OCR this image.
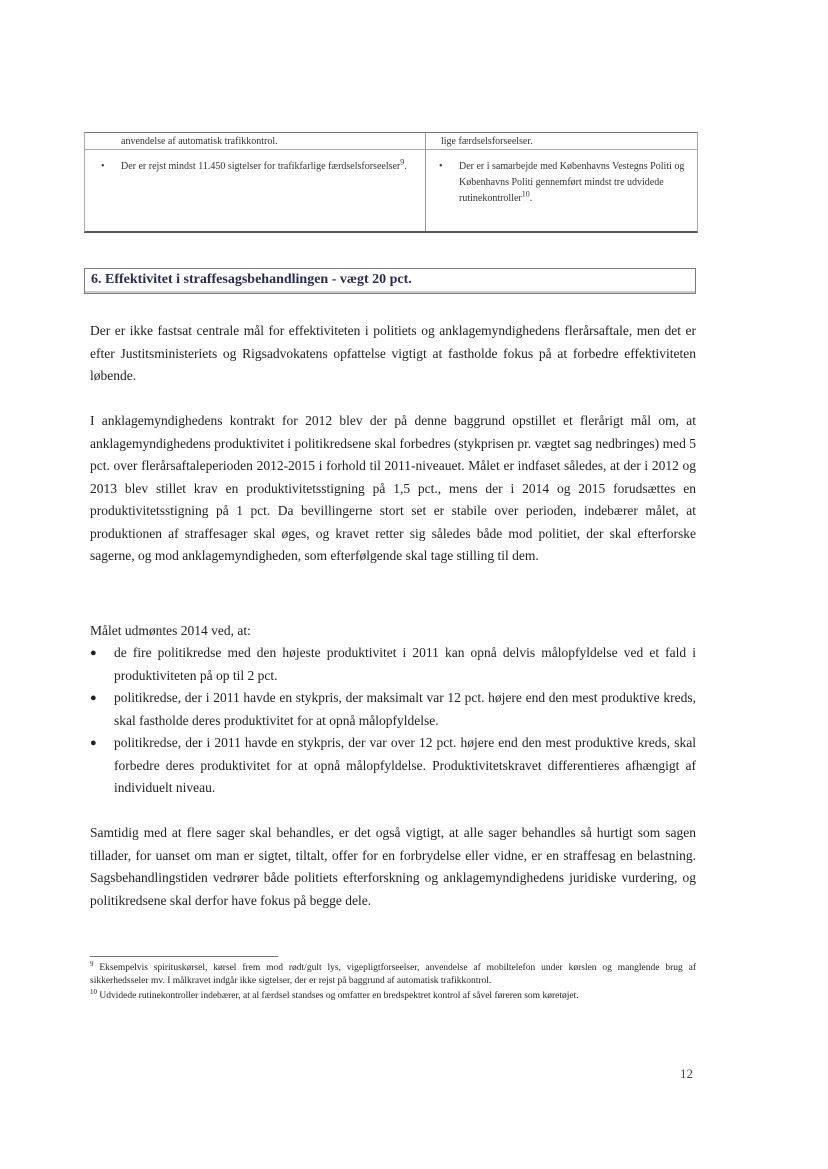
anvendelse af automatisk trafikkontrol.	lige færdselsforseelser.
• Der er rejst mindst 11.450 sigtelser for trafikfarlige færdselsforseelser$^9$.	• Der er i samarbejde med Københavns Vestegns Politi og Københavns Politi gennemført mindst tre udvidede rutinekontroller$^{10}$.
6. Effektivitet i straffesagsbehandlingen - vægt 20 pct.

Der er ikke fastsat centrale mål for effektiviteten i politiets og anklagemyndighedens flerårsaftale, men det er efter Justitsministeriets og Rigsadvokatens opfattelse vigtigt at fastholde fokus på at forbedre effektiviteten løbende.

I anklagemyndighedens kontrakt for 2012 blev der på denne baggrund opstillet et flerårigt mål om, at anklagemyndighedens produktivitet i politikredsene skal forbedres (stykprisen pr. vægtet sag nedbringes) med 5 pct. over flerårsaftaleperioden 2012-2015 i forhold til 2011-niveauet. Målet er indfaset således, at der i 2012 og 2013 blev stillet krav en produktivitetsstigning på 1,5 pct., mens der i 2014 og 2015 forudsættes en produktivitetsstigning på 1 pct. Da bevillingerne stort set er stabile over perioden, indebærer målet, at produktionen af straffesager skal øges, og kravet retter sig således både mod politiet, der skal efterforske sagerne, og mod anklagemyndigheden, som efterfølgende skal tage stilling til dem.

Målet udmøntes 2014 ved, at:

● de fire politikredse med den højeste produktivitet i 2011 kan opnå delvis målopfyldelse ved et fald i produktiviteten på op til 2 pct.
● politikredse, der i 2011 havde en stykpris, der maksimalt var 12 pct. højere end den mest produktive kreds, skal fastholde deres produktivitet for at opnå målopfyldelse.
● politikredse, der i 2011 havde en stykpris, der var over 12 pct. højere end den mest produktive kreds, skal forbedre deres produktivitet for at opnå målopfyldelse. Produktivitetskravet differentieres afhængigt af individuelt niveau.

Samtidig med at flere sager skal behandles, er det også vigtigt, at alle sager behandles så hurtigt som sagen tillader, for uanset om man er sigtet, tiltalt, offer for en forbrydelse eller vidne, er en straffesag en belastning. Sagsbehandlingstiden vedrører både politiets efterforskning og anklagemyndighedens juridiske vurdering, og politikredsene skal derfor have fokus på begge dele.

$^9$ Eksempelvis spirituskørsel, kørsel frem mod rødt/gult lys, vigepligtforseelser, anvendelse af mobiltelefon under kørslen og manglende brug af sikkerhedsseler mv. I målkravet indgår ikke sigtelser, der er rejst på baggrund af automatisk trafikkontrol.

$^{10}$ Udvidede rutinekontroller indebærer, at al færdsel standses og omfatter en bredspektret kontrol af såvel føreren som køretøjet.

12
